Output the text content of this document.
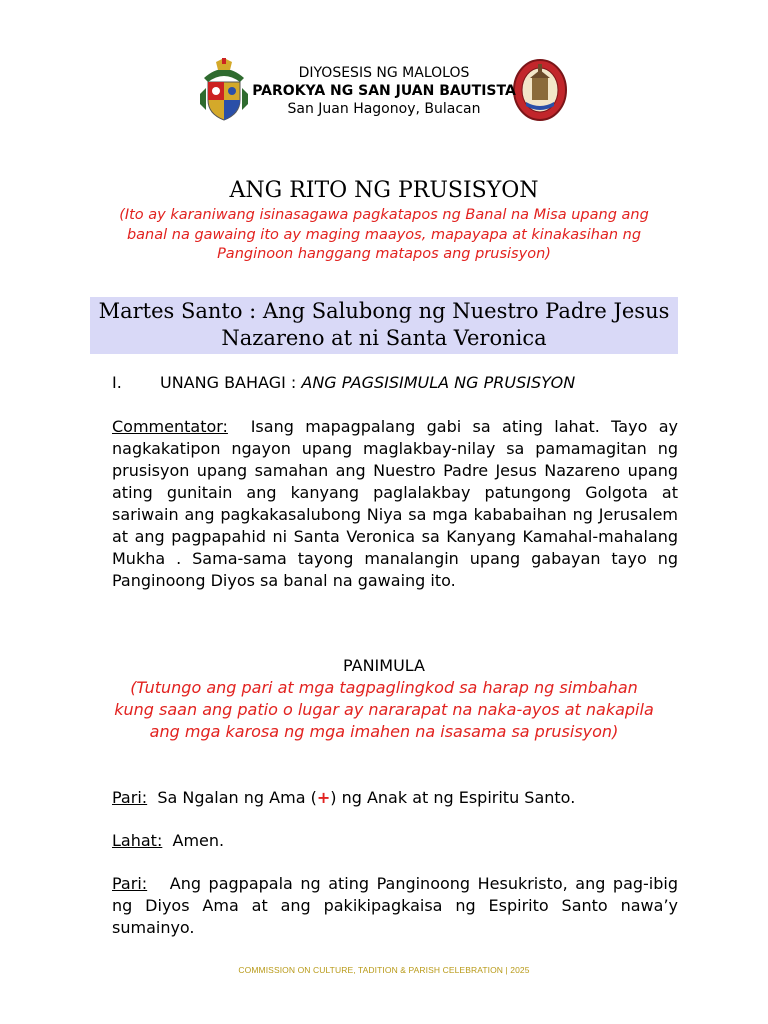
DIYOSESIS NG MALOLOS
PAROKYA NG SAN JUAN BAUTISTA
San Juan Hagonoy, Bulacan
ANG RITO NG PRUSISYON
(Ito ay karaniwang isinasagawa pagkatapos ng Banal na Misa upang ang banal na gawaing ito ay maging maayos, mapayapa at kinakasihan ng Panginoon hanggang matapos ang prusisyon)
Martes Santo : Ang Salubong ng Nuestro Padre Jesus Nazareno at ni Santa Veronica
I. UNANG BAHAGI : ANG PAGSISIMULA NG PRUSISYON
Commentator: Isang mapagpalang gabi sa ating lahat. Tayo ay nagkakatipon ngayon upang maglakbay-nilay sa pamamagitan ng prusisyon upang samahan ang Nuestro Padre Jesus Nazareno upang ating gunitain ang kanyang paglalakbay patungong Golgota at sariwain ang pagkakasalubong Niya sa mga kababaihan ng Jerusalem at ang pagpapahid ni Santa Veronica sa Kanyang Kamahal-mahalang Mukha . Sama-sama tayong manalangin upang gabayan tayo ng Panginoong Diyos sa banal na gawaing ito.
PANIMULA
(Tutungo ang pari at mga tagpaglingkod sa harap ng simbahan kung saan ang patio o lugar ay nararapat na naka-ayos at nakapila ang mga karosa ng mga imahen na isasama sa prusisyon)
Pari: Sa Ngalan ng Ama (+) ng Anak at ng Espiritu Santo.
Lahat: Amen.
Pari: Ang pagpapala ng ating Panginoong Hesukristo, ang pag-ibig ng Diyos Ama at ang pakikipagkaisa ng Espirito Santo nawa’y sumainyo.
COMMISSION ON CULTURE, TADITION & PARISH CELEBRATION | 2025
